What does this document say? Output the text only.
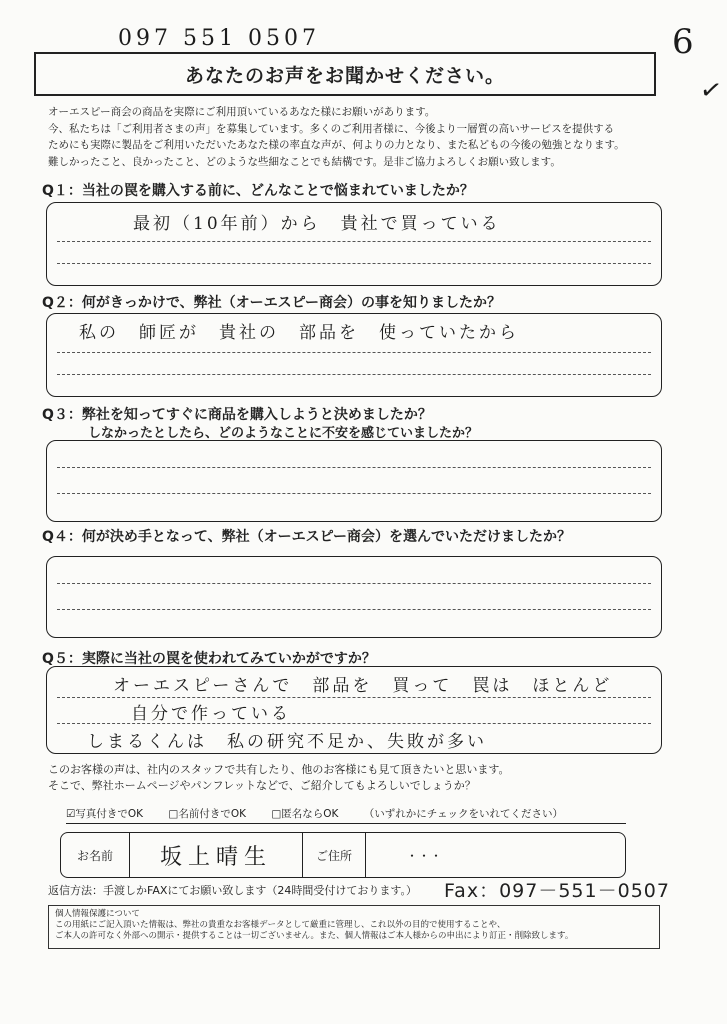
097 551 0507	6
✓
あなたのお声をお聞かせください。
オーエスピー商会の商品を実際にご利用頂いているあなた様にお願いがあります。
今、私たちは「ご利用者さまの声」を募集しています。多くのご利用者様に、今後より一層質の高いサービスを提供する
ためにも実際に製品をご利用いただいたあなた様の率直な声が、何よりの力となり、また私どもの今後の勉強となります。
難しかったこと、良かったこと、どのような些細なことでも結構です。是非ご協力よろしくお願い致します。
Q１：当社の罠を購入する前に、どんなことで悩まれていましたか？
最初（10年前）から　貴社で買っている
Q２：何がきっかけで、弊社（オーエスピー商会）の事を知りましたか？
私の　師匠が　貴社の　部品を　使っていたから
Q３：弊社を知ってすぐに商品を購入しようと決めましたか？
しなかったとしたら、どのようなことに不安を感じていましたか？
Q４：何が決め手となって、弊社（オーエスピー商会）を選んでいただけましたか？
Q５：実際に当社の罠を使われてみていかがですか？
オーエスピーさんで　部品を　買って　罠は　ほとんど
自分で作っている
しまるくんは　私の研究不足か、失敗が多い
このお客様の声は、社内のスタッフで共有したり、他のお客様にも見て頂きたいと思います。
そこで、弊社ホームページやパンフレットなどで、ご紹介してもよろしいでしょうか？
☑写真付きでOK □名前付きでOK □匿名ならOK （いずれかにチェックをいれてください）
お名前	坂上晴生	ご住所	・・・
返信方法：手渡しかFAXにてお願い致します（24時間受付けております。） Fax：097－551－0507
個人情報保護について
この用紙にご記入頂いた情報は、弊社の貴重なお客様データとして厳重に管理し、これ以外の目的で使用することや、
ご本人の許可なく外部への開示・提供することは一切ございません。また、個人情報はご本人様からの申出により訂正・削除致します。
